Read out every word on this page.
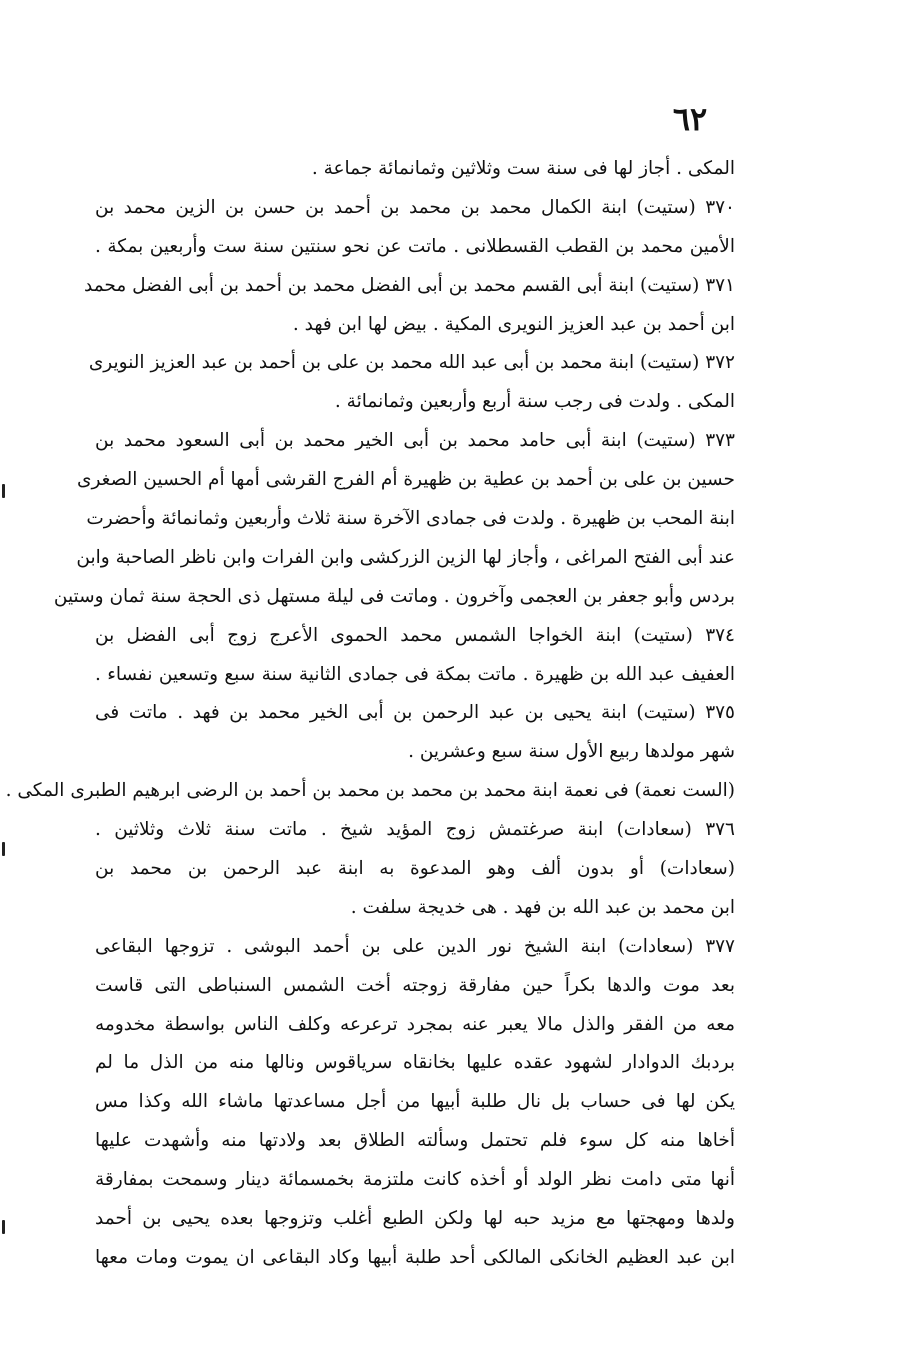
٦٢
المكى . أجاز لها فى سنة ست وثلاثين وثمانمائة جماعة .
٣٧٠ (ستيت) ابنة الكمال محمد بن محمد بن أحمد بن حسن بن الزين محمد بن
الأمين محمد بن القطب القسطلانى . ماتت عن نحو سنتين سنة ست وأربعين بمكة .
٣٧١ (ستيت) ابنة أبى القسم محمد بن أبى الفضل محمد بن أحمد بن أبى الفضل محمد
ابن أحمد بن عبد العزيز النويرى المكية . بيض لها ابن فهد .
٣٧٢ (ستيت) ابنة محمد بن أبى عبد الله محمد بن على بن أحمد بن عبد العزيز النويرى
المكى . ولدت فى رجب سنة أربع وأربعين وثمانمائة .
٣٧٣ (ستيت) ابنة أبى حامد محمد بن أبى الخير محمد بن أبى السعود محمد بن
حسين بن على بن أحمد بن عطية بن ظهيرة أم الفرج القرشى أمها أم الحسين الصغرى
ابنة المحب بن ظهيرة . ولدت فى جمادى الآخرة سنة ثلاث وأربعين وثمانمائة وأحضرت
عند أبى الفتح المراغى ، وأجاز لها الزين الزركشى وابن الفرات وابن ناظر الصاحبة وابن
بردس وأبو جعفر بن العجمى وآخرون . وماتت فى ليلة مستهل ذى الحجة سنة ثمان وستين
٣٧٤ (ستيت) ابنة الخواجا الشمس محمد الحموى الأعرج زوج أبى الفضل بن
العفيف عبد الله بن ظهيرة . ماتت بمكة فى جمادى الثانية سنة سبع وتسعين نفساء .
٣٧٥ (ستيت) ابنة يحيى بن عبد الرحمن بن أبى الخير محمد بن فهد . ماتت فى
شهر مولدها ربيع الأول سنة سبع وعشرين .
(الست نعمة) فى نعمة ابنة محمد بن محمد بن محمد بن أحمد بن الرضى ابرهيم الطبرى المكى .
٣٧٦ (سعادات) ابنة صرغتمش زوج المؤيد شيخ . ماتت سنة ثلاث وثلاثين .
(سعادات) أو بدون ألف وهو المدعوة به ابنة عبد الرحمن بن محمد بن
ابن محمد بن عبد الله بن فهد . هى خديجة سلفت .
٣٧٧ (سعادات) ابنة الشيخ نور الدين على بن أحمد البوشى . تزوجها البقاعى
بعد موت والدها بكراً حين مفارقة زوجته أخت الشمس السنباطى التى قاست
معه من الفقر والذل مالا يعبر عنه بمجرد ترعرعه وكلف الناس بواسطة مخدومه
بردبك الدوادار لشهود عقده عليها بخانقاه سرياقوس ونالها منه من الذل ما لم
يكن لها فى حساب بل نال طلبة أبيها من أجل مساعدتها ماشاء الله وكذا مس
أخاها منه كل سوء فلم تحتمل وسألته الطلاق بعد ولادتها منه وأشهدت عليها
أنها متى دامت نظر الولد أو أخذه كانت ملتزمة بخمسمائة دينار وسمحت بمفارقة
ولدها ومهجتها مع مزيد حبه لها ولكن الطبع أغلب وتزوجها بعده يحيى بن أحمد
ابن عبد العظيم الخانكى المالكى أحد طلبة أبيها وكاد البقاعى ان يموت ومات معها
